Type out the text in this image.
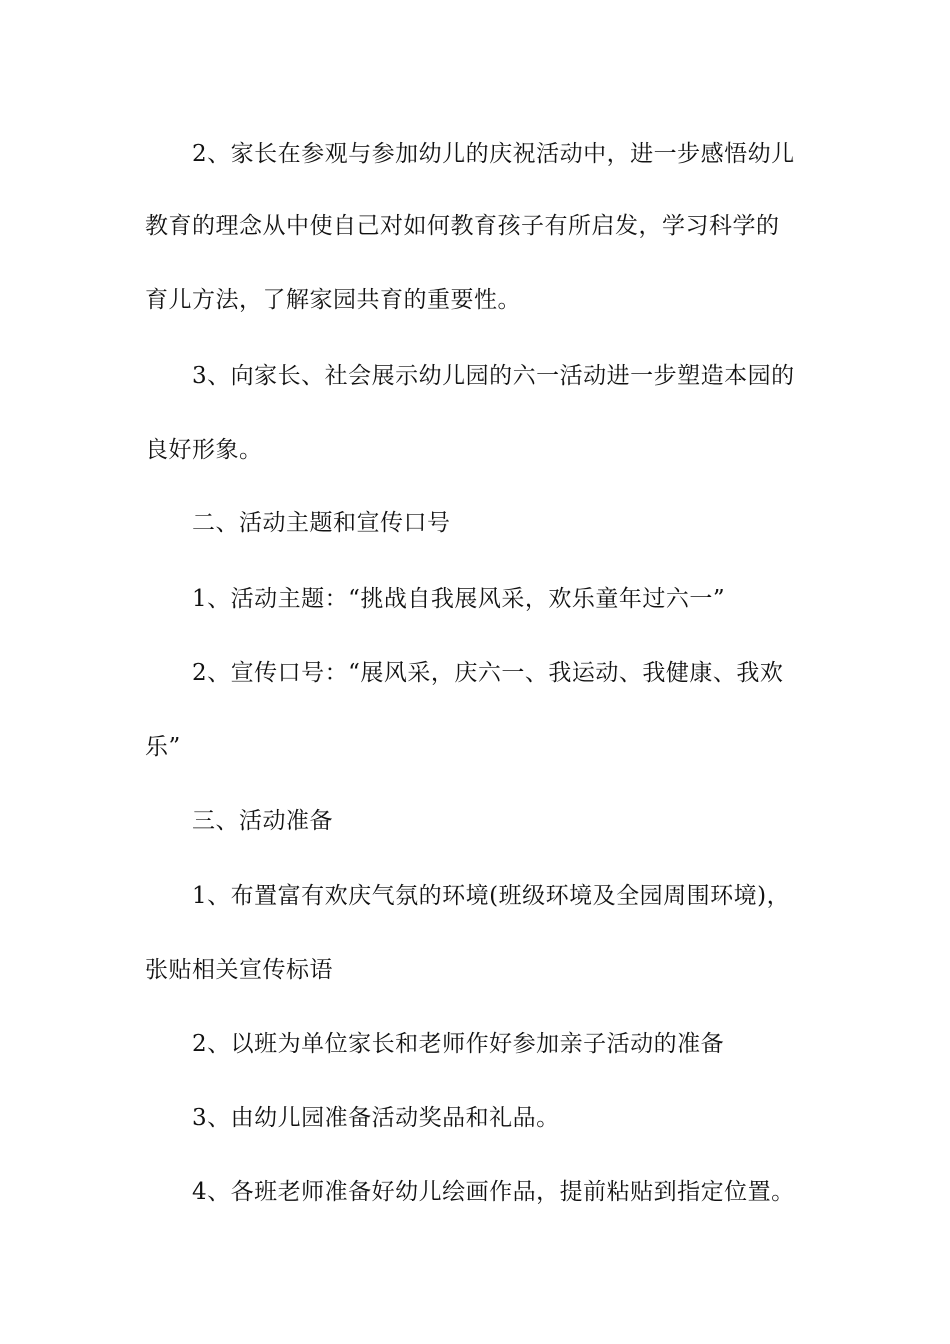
2、家长在参观与参加幼儿的庆祝活动中，进一步感悟幼儿
教育的理念从中使自己对如何教育孩子有所启发，学习科学的
育儿方法，了解家园共育的重要性。
3、向家长、社会展示幼儿园的六一活动进一步塑造本园的
良好形象。
二、活动主题和宣传口号
1、活动主题：“挑战自我展风采，欢乐童年过六一”
2、宣传口号：“展风采，庆六一、我运动、我健康、我欢
乐”
三、活动准备
1、布置富有欢庆气氛的环境(班级环境及全园周围环境)，
张贴相关宣传标语
2、以班为单位家长和老师作好参加亲子活动的准备
3、由幼儿园准备活动奖品和礼品。
4、各班老师准备好幼儿绘画作品，提前粘贴到指定位置。
